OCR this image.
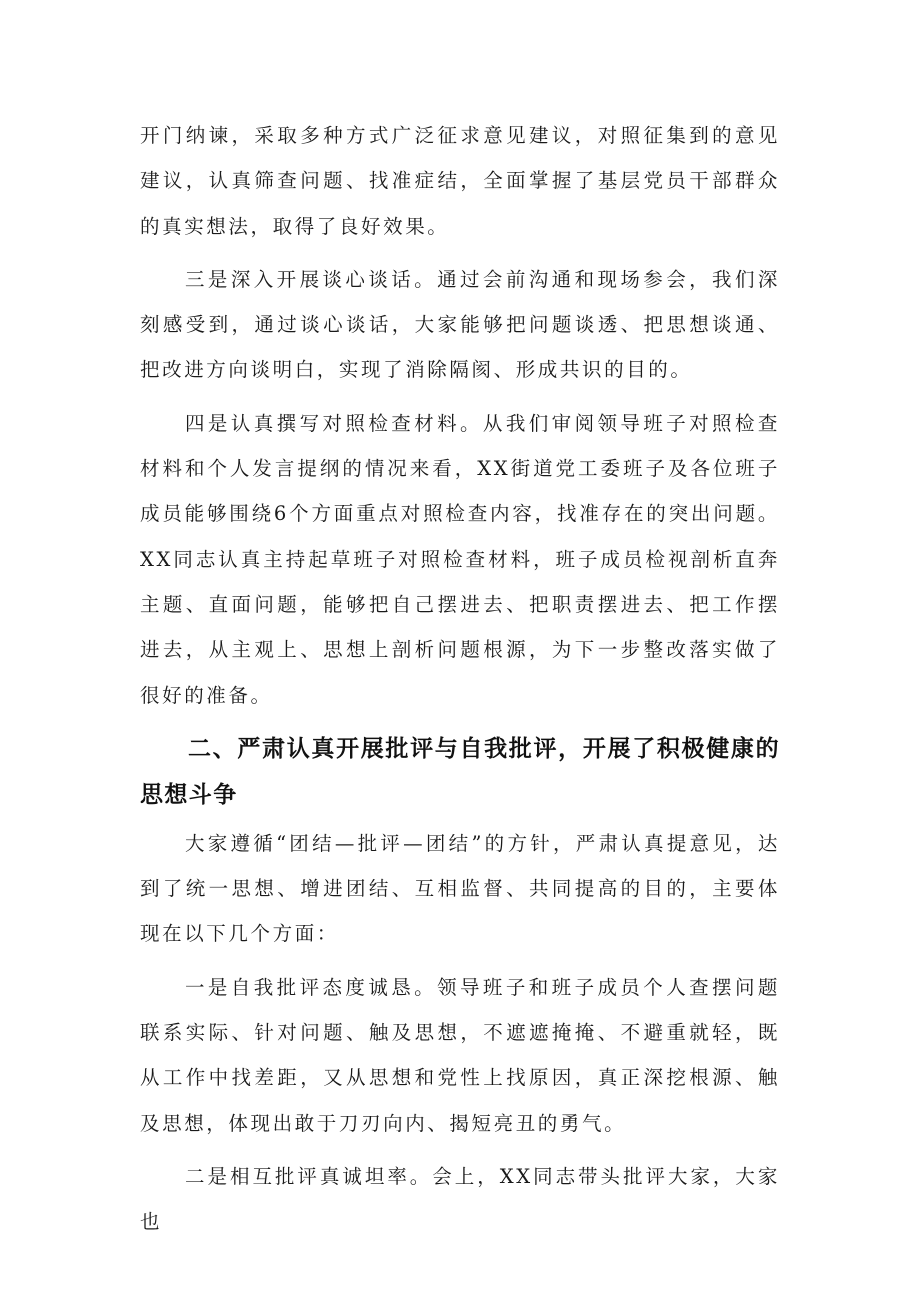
开门纳谏，采取多种方式广泛征求意见建议，对照征集到的意见建议，认真筛查问题、找准症结，全面掌握了基层党员干部群众的真实想法，取得了良好效果。

三是深入开展谈心谈话。通过会前沟通和现场参会，我们深刻感受到，通过谈心谈话，大家能够把问题谈透、把思想谈通、把改进方向谈明白，实现了消除隔阂、形成共识的目的。

四是认真撰写对照检查材料。从我们审阅领导班子对照检查材料和个人发言提纲的情况来看，XX街道党工委班子及各位班子成员能够围绕6个方面重点对照检查内容，找准存在的突出问题。XX同志认真主持起草班子对照检查材料，班子成员检视剖析直奔主题、直面问题，能够把自己摆进去、把职责摆进去、把工作摆进去，从主观上、思想上剖析问题根源，为下一步整改落实做了很好的准备。

二、严肃认真开展批评与自我批评，开展了积极健康的思想斗争

大家遵循“团结—批评—团结”的方针，严肃认真提意见，达到了统一思想、增进团结、互相监督、共同提高的目的，主要体现在以下几个方面：

一是自我批评态度诚恳。领导班子和班子成员个人查摆问题联系实际、针对问题、触及思想，不遮遮掩掩、不避重就轻，既从工作中找差距，又从思想和党性上找原因，真正深挖根源、触及思想，体现出敢于刀刃向内、揭短亮丑的勇气。

二是相互批评真诚坦率。会上，XX同志带头批评大家，大家也
